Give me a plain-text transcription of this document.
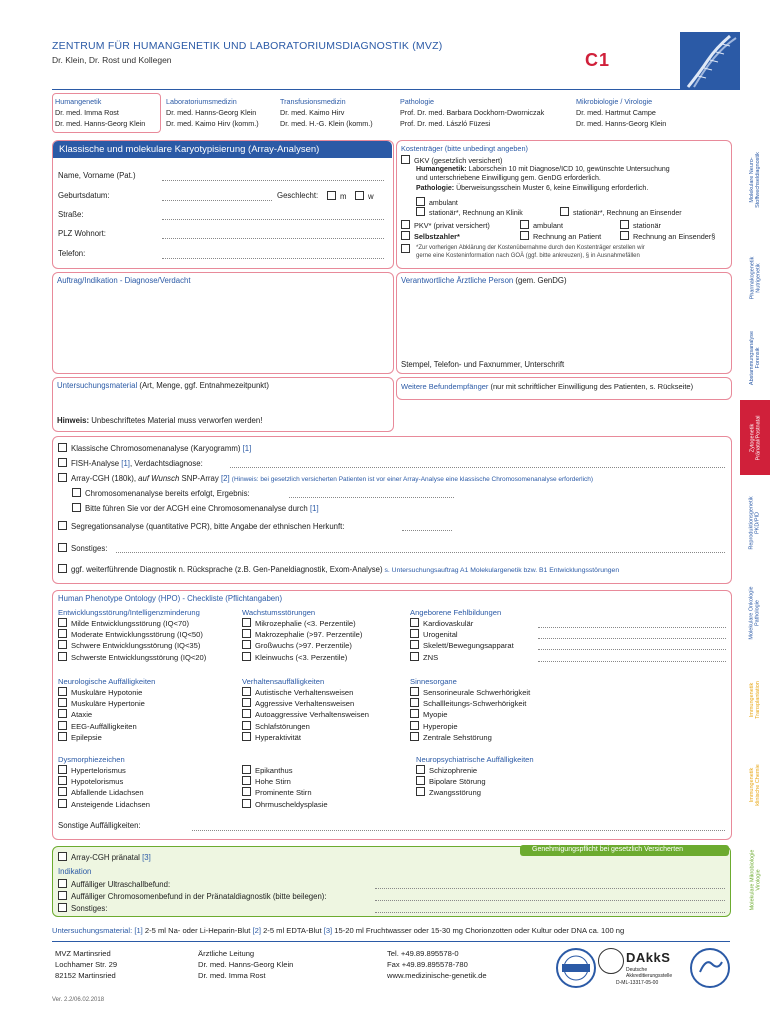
ZENTRUM FÜR HUMANGENETIK UND LABORATORIUMSDIAGNOSTIK (MVZ)
Dr. Klein, Dr. Rost und Kollegen	C1
Humangenetik
Dr. med. Imma Rost
Dr. med. Hanns-Georg Klein
Laboratoriumsmedizin
Dr. med. Hanns-Georg Klein
Dr. med. Kaimo Hirv (komm.)
Transfusionsmedizin
Dr. med. Kaimo Hirv
Dr. med. H.-G. Klein (komm.)
Pathologie
Prof. Dr. med. Barbara Dockhorn-Dworniczak
Prof. Dr. med. László Füzesi
Mikrobiologie / Virologie
Dr. med. Hartmut Campe
Dr. med. Hanns-Georg Klein
Klassische und molekulare Karyotypisierung (Array-Analysen)
Name, Vorname (Pat.)
Geburtsdatum:	Geschlecht:	m	w
Straße:
PLZ Wohnort:
Telefon:
Kostenträger (bitte unbedingt angeben)
GKV (gesetzlich versichert)
Humangenetik: Laborschein 10 mit Diagnose/ICD 10, gewünschte Untersuchung
und unterschriebene Einwilligung gem. GenDG erforderlich.
Pathologie: Überweisungsschein Muster 6, keine Einwilligung erforderlich.
ambulant
stationär*, Rechnung an Klinik	stationär*, Rechnung an Einsender
PKV* (privat versichert)	ambulant	stationär
Selbstzahler*	Rechnung an Patient	Rechnung an Einsender§
*Zur vorherigen Abklärung der Kostenübernahme durch den Kostenträger erstellen wir
gerne eine Kosteninformation nach GOÄ (ggf. bitte ankreuzen), § in Ausnahmefällen
Auftrag/Indikation - Diagnose/Verdacht	Verantwortliche Ärztliche Person (gem. GenDG)
Stempel, Telefon- und Faxnummer, Unterschrift
Untersuchungsmaterial (Art, Menge, ggf. Entnahmezeitpunkt)
Hinweis: Unbeschriftetes Material muss verworfen werden!
Weitere Befundempfänger (nur mit schriftlicher Einwilligung des Patienten, s. Rückseite)
Klassische Chromosomenanalyse (Karyogramm) [1]
FISH-Analyse [1], Verdachtsdiagnose:
Array-CGH (180k), auf Wunsch SNP-Array [2] (Hinweis: bei gesetzlich versicherten Patienten ist vor einer Array-Analyse eine klassische Chromosomenanalyse erforderlich)
Chromosomenanalyse bereits erfolgt, Ergebnis:
Bitte führen Sie vor der ACGH eine Chromosomenanalyse durch [1]
Segregationsanalyse (quantitative PCR), bitte Angabe der ethnischen Herkunft:
Sonstiges:
ggf. weiterführende Diagnostik n. Rücksprache (z.B. Gen-Paneldiagnostik, Exom-Analyse) s. Untersuchungsauftrag A1 Molekulargenetik bzw. B1 Entwicklungsstörungen
Human Phenotype Ontology (HPO) - Checkliste (Pflichtangaben)
Entwicklungsstörung/Intelligenzminderung
Milde Entwicklungsstörung (IQ<70)
Moderate Entwicklungsstörung (IQ<50)
Schwere Entwicklungsstörung (IQ<35)
Schwerste Entwicklungsstörung (IQ<20)
Wachstumsstörungen
Mikrozephalie (<3. Perzentile)
Makrozephalie (>97. Perzentile)
Großwuchs (>97. Perzentile)
Kleinwuchs (<3. Perzentile)
Angeborene Fehlbildungen
Kardiovaskulär
Urogenital
Skelett/Bewegungsapparat
ZNS
Neurologische Auffälligkeiten
Muskuläre Hypotonie
Muskuläre Hypertonie
Ataxie
EEG-Auffälligkeiten
Epilepsie
Verhaltensauffälligkeiten
Autistische Verhaltensweisen
Aggressive Verhaltensweisen
Autoaggressive Verhaltensweisen
Schlafstörungen
Hyperaktivität
Sinnesorgane
Sensorineurale Schwerhörigkeit
Schallleitungs-Schwerhörigkeit
Myopie
Hyperopie
Zentrale Sehstörung
Dysmorphiezeichen
Hypertelorismus
Hypotelorismus
Abfallende Lidachsen
Ansteigende Lidachsen
Epikanthus
Hohe Stirn
Prominente Stirn
Ohrmuscheldysplasie
Neuropsychiatrische Auffälligkeiten
Schizophrenie
Bipolare Störung
Zwangsstörung
Sonstige Auffälligkeiten:
Genehmigungspflicht bei gesetzlich Versicherten
Array-CGH pränatal [3]
Indikation
Auffälliger Ultraschallbefund:
Auffälliger Chromosomenbefund in der Pränataldiagnostik (bitte beilegen):
Sonstiges:
Untersuchungsmaterial: [1] 2-5 ml Na- oder Li-Heparin-Blut [2] 2-5 ml EDTA-Blut [3] 15-20 ml Fruchtwasser oder 15-30 mg Chorionzotten oder Kultur oder DNA ca. 100 ng
MVZ Martinsried
Lochhamer Str. 29
82152 Martinsried
Ärztliche Leitung
Dr. med. Hanns-Georg Klein
Dr. med. Imma Rost
Tel. +49.89.895578-0
Fax +49.89.895578-780
www.medizinische-genetik.de
DAkkS
Deutsche
Akkreditierungsstelle
D-ML-13317-05-00
Ver. 2.2/06.02.2018
Molekulare Neuro-
Stoffwechseldiagnostik
Pharmakogenetik
Nutrigenetik
Abstammungsanalyse
Forensik
Zytogenetik
Pränatal/Postnatal
Reproduktionsgenetik
PKD/PID
Molekulare Onkologie
Pathologie
Immungenetik
Transplantation
Immungenetik
klinische Chemie
Molekulare Mikrobiologie
Virologie
